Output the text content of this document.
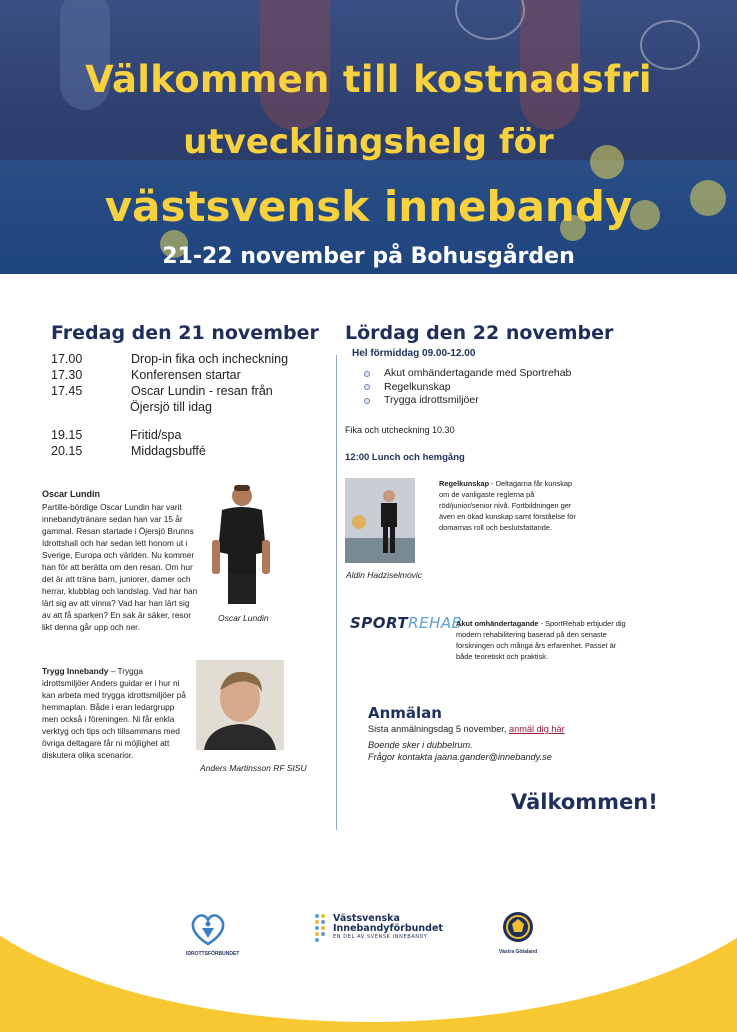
Välkommen till kostnadsfri
utvecklingshelg för
västsvensk innebandy
21-22 november på Bohusgården
Fredag den 21 november
17.00	Drop-in fika och incheckning
17.30	Konferensen startar
17.45	Oscar Lundin - resan från
Öjersjö till idag
19.15	Fritid/spa
20.15	Middagsbuffé
Oscar Lundin
Partille-bördige Oscar Lundin har varit innebandytränare sedan han var 15 år gammal. Resan startade i Öjersjö Brunns Idrottshall och har sedan lett honom ut i Sverige, Europa och världen. Nu kommer han för att berätta om den resan. Om hur det är att träna barn, juniorer, damer och herrar, klubblag och landslag. Vad har han lärt sig av att vinna? Vad har han lärt sig av att få sparken? En sak är säker, resor likt denna går upp och ner.
Oscar Lundin
Trygg Innebandy – Trygga idrottsmiljöer Anders guidar er i hur ni kan arbeta med trygga idrottsmiljöer på hemmaplan. Både i eran ledargrupp men också i föreningen. Ni får enkla verktyg och tips och tillsammans med övriga deltagare får ni möjlighet att diskutera olika scenarior.
Anders Martinsson RF SISU
Lördag den 22 november
Hel förmiddag 09.00-12.00
Akut omhändertagande med Sportrehab
Regelkunskap
Trygga idrottsmiljöer
Fika och utcheckning 10.30
12:00 Lunch och hemgång
Regelkunskap - Deltagarna får kunskap om de vanligaste reglerna på röd/junior/senior nivå. Fortbildningen ger även en ökad kunskap samt förståelse för domarnas roll och beslutsfattande.
Aldin Hadziselmovic
SPORTREHAB
Akut omhändertagande - SportRehab erbjuder dig modern rehabilitering baserad på den senaste forskningen och många års erfarenhet. Passet är både teoretiskt och praktisk.
Anmälan
Sista anmälningsdag 5 november, anmäl dig här
Boende sker i dubbelrum.
Frågor kontakta jaana.gander@innebandy.se
Välkommen!
IDROTTSFÖRBUNDET
Västsvenska
Innebandyförbundet
EN DEL AV SVENSK INNEBANDY
Västra Götaland
